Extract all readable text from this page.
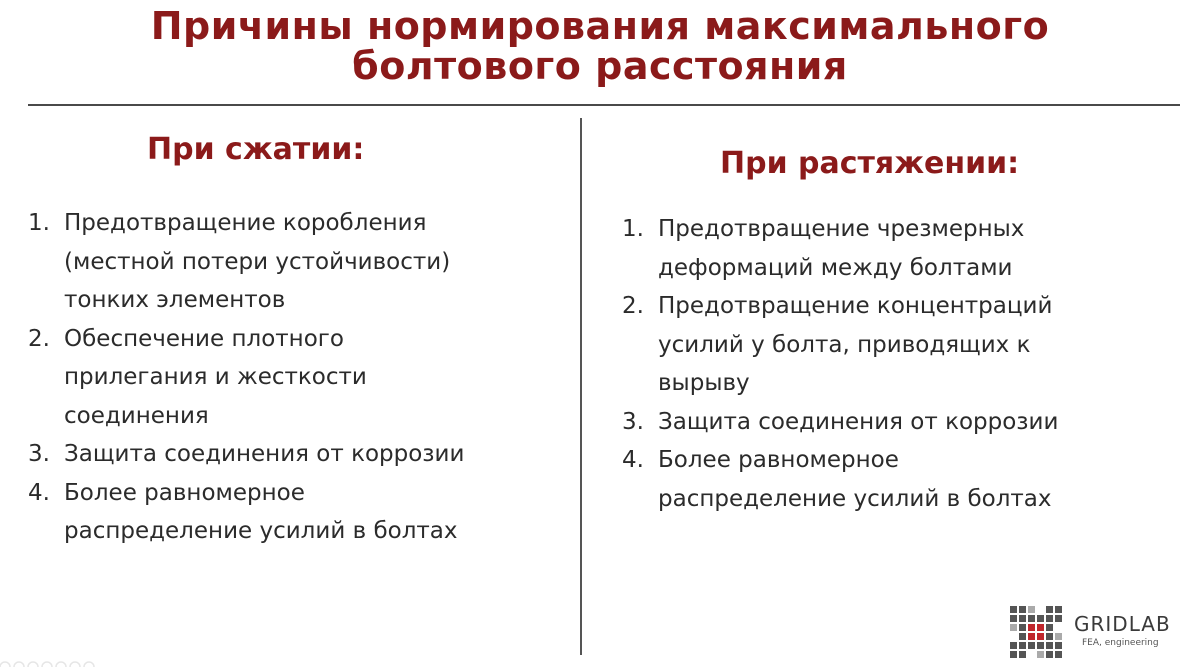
Причины нормирования максимального
болтового расстояния
При сжатии:	При растяжении:
1. Предотвращение коробления
(местной потери устойчивости)
тонких элементов
2. Обеспечение плотного
прилегания и жесткости
соединения
3. Защита соединения от коррозии
4. Более равномерное
распределение усилий в болтах
1. Предотвращение чрезмерных
деформаций между болтами
2. Предотвращение концентраций
усилий у болта, приводящих к
вырыву
3. Защита соединения от коррозии
4. Более равномерное
распределение усилий в болтах
GRIDLAB
FEA, engineering
